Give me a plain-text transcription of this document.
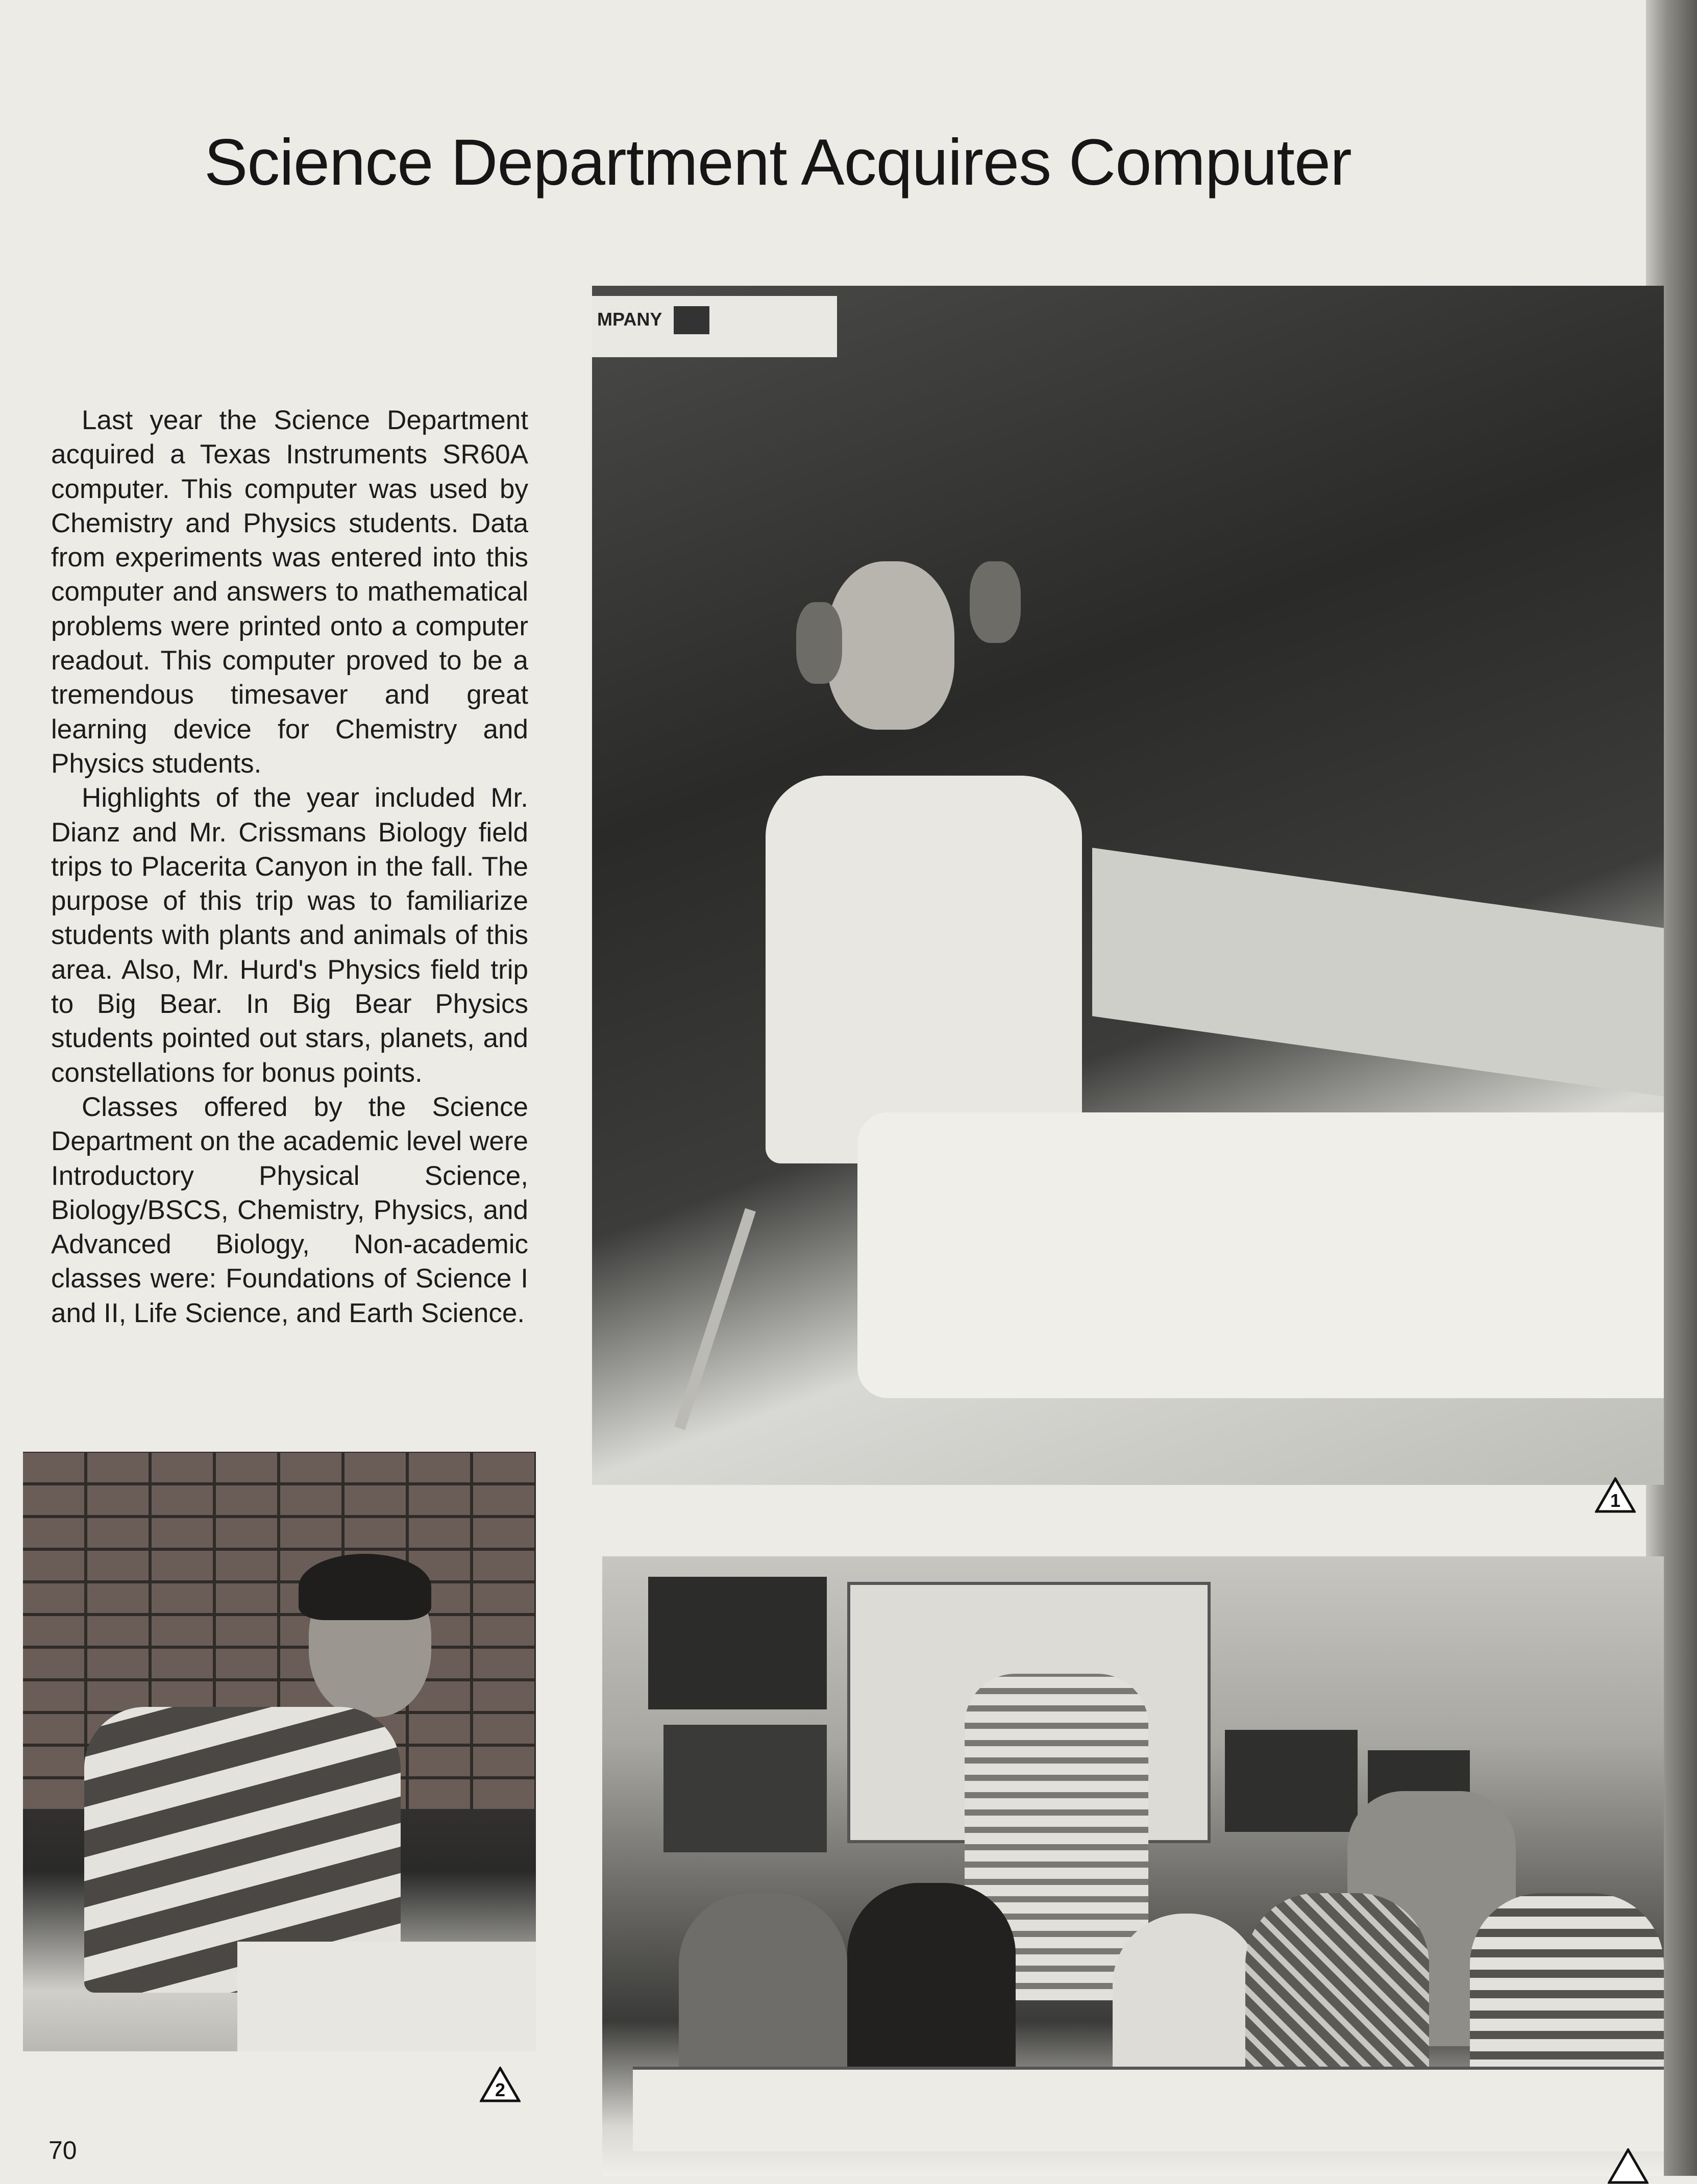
Science Department Acquires Computer

Last year the Science Department acquired a Texas Instruments SR60A computer. This computer was used by Chemistry and Physics students. Data from experiments was entered into this computer and answers to mathematical problems were printed onto a computer readout. This computer proved to be a tremendous timesaver and great learning device for Chemistry and Physics students.

Highlights of the year included Mr. Dianz and Mr. Crissmans Biology field trips to Placerita Canyon in the fall. The purpose of this trip was to familiarize students with plants and animals of this area. Also, Mr. Hurd's Physics field trip to Big Bear. In Big Bear Physics students pointed out stars, planets, and constellations for bonus points.

Classes offered by the Science Department on the academic level were Introductory Physical Science, Biology/BSCS, Chemistry, Physics, and Advanced Biology, Non-academic classes were: Foundations of Science I and II, Life Science, and Earth Science.

MPANY
1
2

70
